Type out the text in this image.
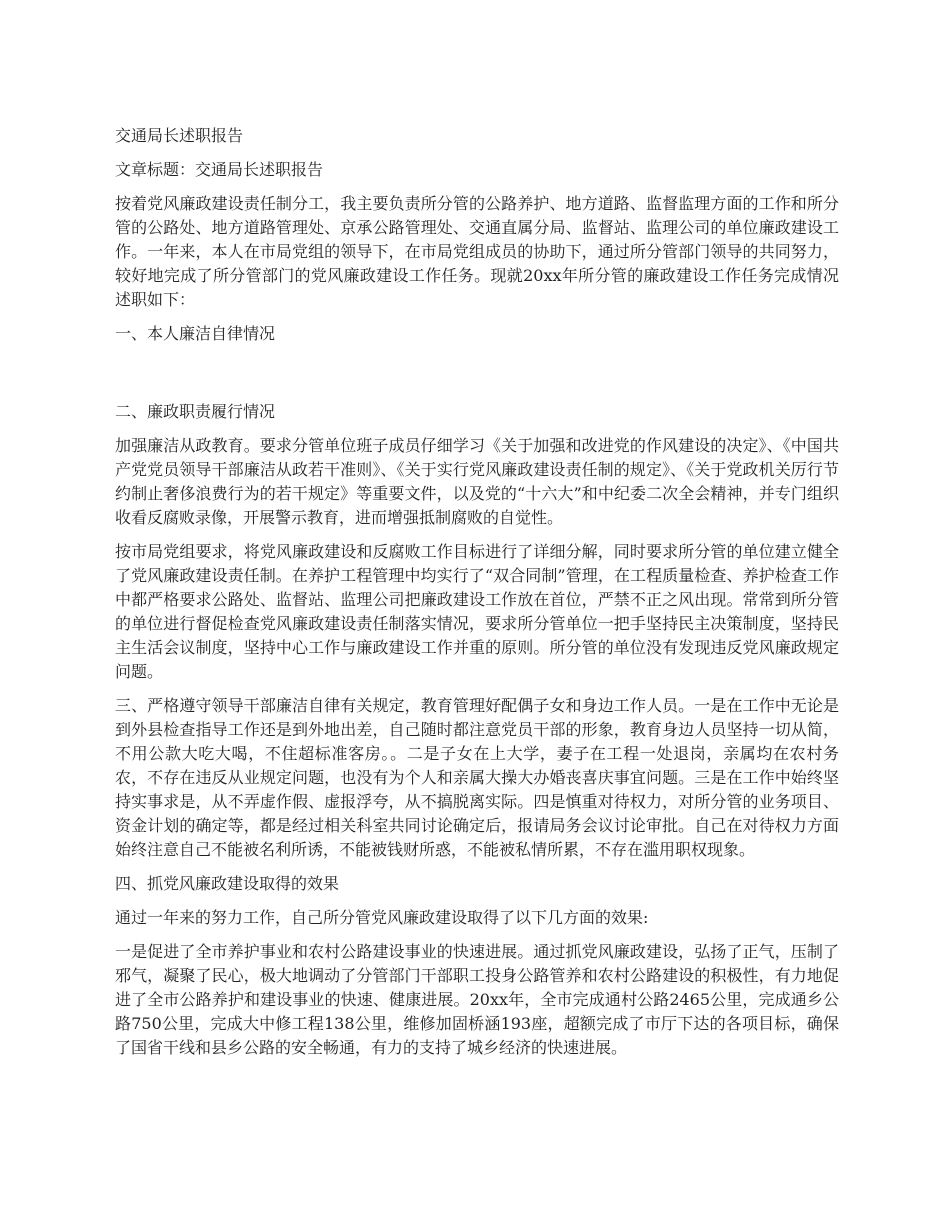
交通局长述职报告

文章标题：交通局长述职报告

按着党风廉政建设责任制分工，我主要负责所分管的公路养护、地方道路、监督监理方面的工作和所分管的公路处、地方道路管理处、京承公路管理处、交通直属分局、监督站、监理公司的单位廉政建设工作。一年来，本人在市局党组的领导下，在市局党组成员的协助下，通过所分管部门领导的共同努力，较好地完成了所分管部门的党风廉政建设工作任务。现就20xx年所分管的廉政建设工作任务完成情况述职如下：

一、本人廉洁自律情况

二、廉政职责履行情况

加强廉洁从政教育。要求分管单位班子成员仔细学习《关于加强和改进党的作风建设的决定》、《中国共产党党员领导干部廉洁从政若干准则》、《关于实行党风廉政建设责任制的规定》、《关于党政机关厉行节约制止奢侈浪费行为的若干规定》等重要文件，以及党的“十六大”和中纪委二次全会精神，并专门组织收看反腐败录像，开展警示教育，进而增强抵制腐败的自觉性。

按市局党组要求，将党风廉政建设和反腐败工作目标进行了详细分解，同时要求所分管的单位建立健全了党风廉政建设责任制。在养护工程管理中均实行了“双合同制”管理，在工程质量检查、养护检查工作中都严格要求公路处、监督站、监理公司把廉政建设工作放在首位，严禁不正之风出现。常常到所分管的单位进行督促检查党风廉政建设责任制落实情况，要求所分管单位一把手坚持民主决策制度，坚持民主生活会议制度，坚持中心工作与廉政建设工作并重的原则。所分管的单位没有发现违反党风廉政规定问题。

三、严格遵守领导干部廉洁自律有关规定，教育管理好配偶子女和身边工作人员。一是在工作中无论是到外县检查指导工作还是到外地出差，自己随时都注意党员干部的形象，教育身边人员坚持一切从简，不用公款大吃大喝，不住超标准客房。。二是子女在上大学，妻子在工程一处退岗，亲属均在农村务农，不存在违反从业规定问题，也没有为个人和亲属大操大办婚丧喜庆事宜问题。三是在工作中始终坚持实事求是，从不弄虚作假、虚报浮夸，从不搞脱离实际。四是慎重对待权力，对所分管的业务项目、资金计划的确定等，都是经过相关科室共同讨论确定后，报请局务会议讨论审批。自己在对待权力方面始终注意自己不能被名利所诱，不能被钱财所惑，不能被私情所累，不存在滥用职权现象。

四、抓党风廉政建设取得的效果

通过一年来的努力工作，自己所分管党风廉政建设取得了以下几方面的效果:

一是促进了全市养护事业和农村公路建设事业的快速进展。通过抓党风廉政建设，弘扬了正气，压制了邪气，凝聚了民心，极大地调动了分管部门干部职工投身公路管养和农村公路建设的积极性，有力地促进了全市公路养护和建设事业的快速、健康进展。20xx年，全市完成通村公路2465公里，完成通乡公路750公里，完成大中修工程138公里，维修加固桥涵193座，超额完成了市厅下达的各项目标，确保了国省干线和县乡公路的安全畅通，有力的支持了城乡经济的快速进展。
